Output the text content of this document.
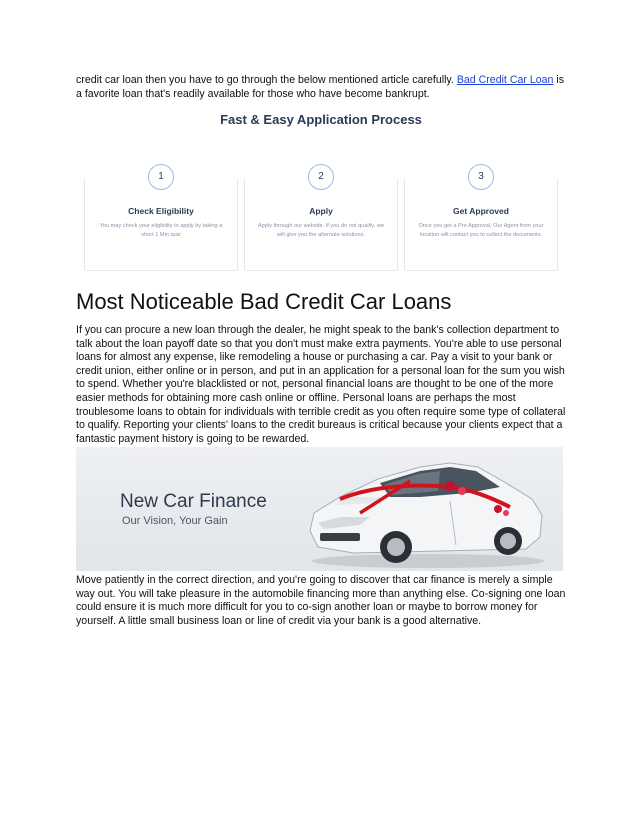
credit car loan then you have to go through the below mentioned article carefully. Bad Credit Car Loan is a favorite loan that's readily available for those who have become bankrupt.

Fast & Easy Application Process
1
Check Eligibility
You may check your eligibility to apply by taking a short 1 Min quiz
2
Apply
Apply through our website. If you do not qualify, we will give you the alternate solutions.
3
Get Approved
Once you get a Pre Approval, Our Agent from your location will contact you to collect the documents.
Most Noticeable Bad Credit Car Loans

If you can procure a new loan through the dealer, he might speak to the bank's collection department to talk about the loan payoff date so that you don't must make extra payments. You're able to use personal loans for almost any expense, like remodeling a house or purchasing a car. Pay a visit to your bank or credit union, either online or in person, and put in an application for a personal loan for the sum you wish to spend. Whether you're blacklisted or not, personal financial loans are thought to be one of the more easier methods for obtaining more cash online or offline. Personal loans are perhaps the most troublesome loans to obtain for individuals with terrible credit as you often require some type of collateral to qualify. Reporting your clients' loans to the credit bureaus is critical because your clients expect that a fantastic payment history is going to be rewarded.

New Car Finance
Our Vision, Your Gain

Move patiently in the correct direction, and you're going to discover that car finance is merely a simple way out. You will take pleasure in the automobile financing more than anything else. Co-signing one loan could ensure it is much more difficult for you to co-sign another loan or maybe to borrow money for yourself. A little small business loan or line of credit via your bank is a good alternative.
